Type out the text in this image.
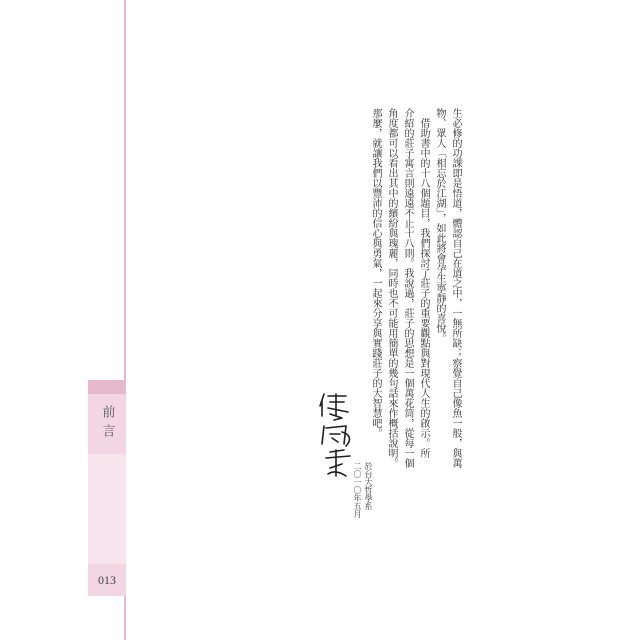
前言
013

生必修的功課即是悟道，體認自己在道之中，一無所缺；察覺自己像魚一般，與萬

物、眾人「相忘於江湖」，如此將會孕生寧靜的喜悅。

　借助書中的十八個題目，我們探討了莊子的重要觀點與對現代人生的啟示。所

介紹的莊子寓言則遠遠不止十八則。我說過，莊子的思想是一個萬花筒，從每一個

角度都可以看出其中的繽紛與瑰麗，同時也不可能用簡單的幾句話來作概括說明。

那麼，就讓我們以豐沛的信心與勇氣，一起來分享與實踐莊子的大智慧吧。

於台大哲學系
二〇一〇年五月
